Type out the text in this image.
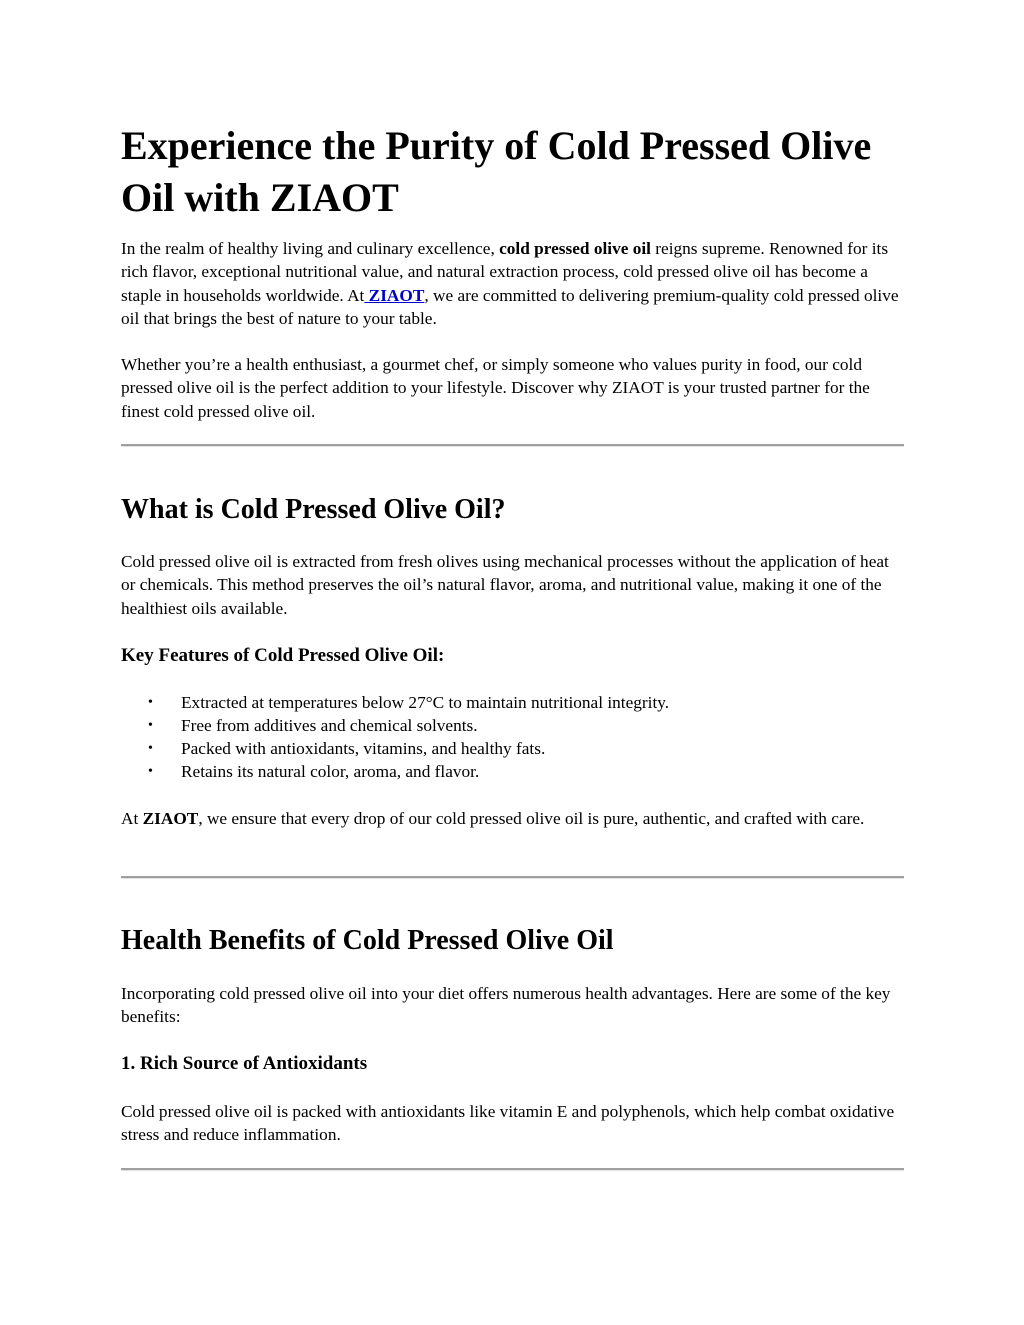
Experience the Purity of Cold Pressed Olive Oil with ZIAOT

In the realm of healthy living and culinary excellence, cold pressed olive oil reigns supreme. Renowned for its rich flavor, exceptional nutritional value, and natural extraction process, cold pressed olive oil has become a staple in households worldwide. At ZIAOT, we are committed to delivering premium-quality cold pressed olive oil that brings the best of nature to your table.

Whether you’re a health enthusiast, a gourmet chef, or simply someone who values purity in food, our cold pressed olive oil is the perfect addition to your lifestyle. Discover why ZIAOT is your trusted partner for the finest cold pressed olive oil.

What is Cold Pressed Olive Oil?

Cold pressed olive oil is extracted from fresh olives using mechanical processes without the application of heat or chemicals. This method preserves the oil’s natural flavor, aroma, and nutritional value, making it one of the healthiest oils available.

Key Features of Cold Pressed Olive Oil:
• Extracted at temperatures below 27°C to maintain nutritional integrity.
• Free from additives and chemical solvents.
• Packed with antioxidants, vitamins, and healthy fats.
• Retains its natural color, aroma, and flavor.

At ZIAOT, we ensure that every drop of our cold pressed olive oil is pure, authentic, and crafted with care.

Health Benefits of Cold Pressed Olive Oil

Incorporating cold pressed olive oil into your diet offers numerous health advantages. Here are some of the key benefits:

1. Rich Source of Antioxidants

Cold pressed olive oil is packed with antioxidants like vitamin E and polyphenols, which help combat oxidative stress and reduce inflammation.
